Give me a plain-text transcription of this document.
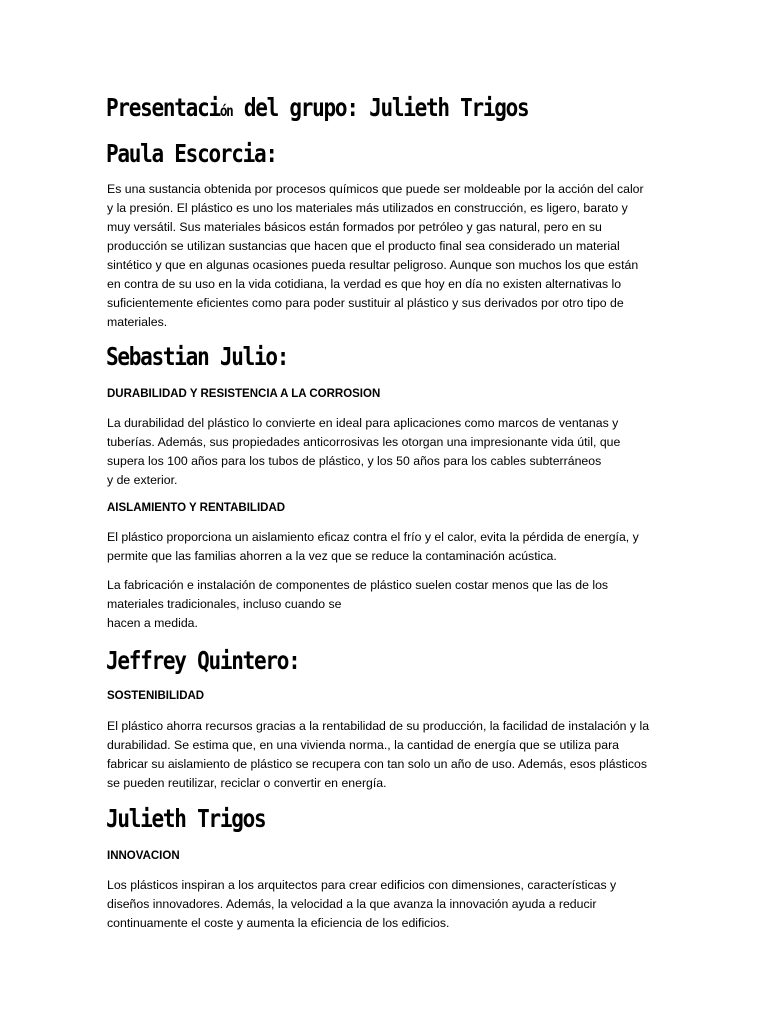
Presentación del grupo: Julieth Trigos
Paula Escorcia:
Es una sustancia obtenida por procesos químicos que puede ser moldeable por la acción del calor
y la presión. El plástico es uno los materiales más utilizados en construcción, es ligero, barato y
muy versátil. Sus materiales básicos están formados por petróleo y gas natural, pero en su
producción se utilizan sustancias que hacen que el producto final sea considerado un material
sintético y que en algunas ocasiones pueda resultar peligroso. Aunque son muchos los que están
en contra de su uso en la vida cotidiana, la verdad es que hoy en día no existen alternativas lo
suficientemente eficientes como para poder sustituir al plástico y sus derivados por otro tipo de
materiales.
Sebastian Julio:
DURABILIDAD Y RESISTENCIA A LA CORROSION
La durabilidad del plástico lo convierte en ideal para aplicaciones como marcos de ventanas y
tuberías. Además, sus propiedades anticorrosivas les otorgan una impresionante vida útil, que
supera los 100 años para los tubos de plástico, y los 50 años para los cables subterráneos
y de exterior.
AISLAMIENTO Y RENTABILIDAD
El plástico proporciona un aislamiento eficaz contra el frío y el calor, evita la pérdida de energía, y
permite que las familias ahorren a la vez que se reduce la contaminación acústica.
La fabricación e instalación de componentes de plástico suelen costar menos que las de los
materiales tradicionales, incluso cuando se
hacen a medida.
Jeffrey Quintero:
SOSTENIBILIDAD
El plástico ahorra recursos gracias a la rentabilidad de su producción, la facilidad de instalación y la
durabilidad. Se estima que, en una vivienda norma., la cantidad de energía que se utiliza para
fabricar su aislamiento de plástico se recupera con tan solo un año de uso. Además, esos plásticos
se pueden reutilizar, reciclar o convertir en energía.
Julieth Trigos
INNOVACION
Los plásticos inspiran a los arquitectos para crear edificios con dimensiones, características y
diseños innovadores. Además, la velocidad a la que avanza la innovación ayuda a reducir
continuamente el coste y aumenta la eficiencia de los edificios.
